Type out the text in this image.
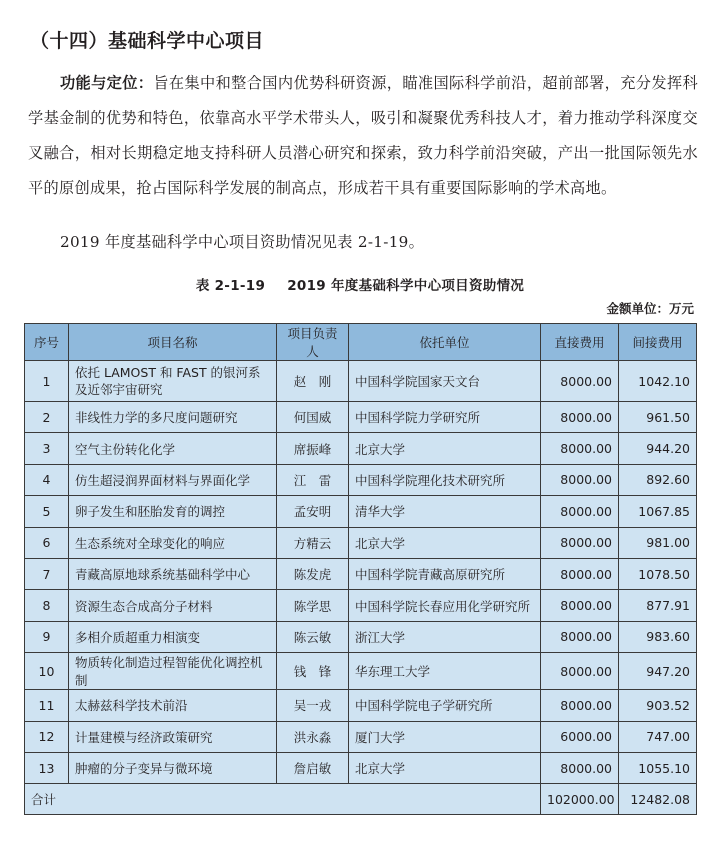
（十四）基础科学中心项目
功能与定位：旨在集中和整合国内优势科研资源，瞄准国际科学前沿，超前部署，充分发挥科学基金制的优势和特色，依靠高水平学术带头人，吸引和凝聚优秀科技人才，着力推动学科深度交叉融合，相对长期稳定地支持科研人员潜心研究和探索，致力科学前沿突破，产出一批国际领先水平的原创成果，抢占国际科学发展的制高点，形成若干具有重要国际影响的学术高地。
2019 年度基础科学中心项目资助情况见表 2-1-19。
表 2-1-19 2019 年度基础科学中心项目资助情况
金额单位：万元
序号	项目名称	项目负责人	依托单位	直接费用	间接费用
1	依托 LAMOST 和 FAST 的银河系及近邻宇宙研究	赵　刚	中国科学院国家天文台	8000.00	1042.10
2	非线性力学的多尺度问题研究	何国威	中国科学院力学研究所	8000.00	961.50
3	空气主份转化化学	席振峰	北京大学	8000.00	944.20
4	仿生超浸润界面材料与界面化学	江　雷	中国科学院理化技术研究所	8000.00	892.60
5	卵子发生和胚胎发育的调控	孟安明	清华大学	8000.00	1067.85
6	生态系统对全球变化的响应	方精云	北京大学	8000.00	981.00
7	青藏高原地球系统基础科学中心	陈发虎	中国科学院青藏高原研究所	8000.00	1078.50
8	资源生态合成高分子材料	陈学思	中国科学院长春应用化学研究所	8000.00	877.91
9	多相介质超重力相演变	陈云敏	浙江大学	8000.00	983.60
10	物质转化制造过程智能优化调控机制	钱　锋	华东理工大学	8000.00	947.20
11	太赫兹科学技术前沿	吴一戎	中国科学院电子学研究所	8000.00	903.52
12	计量建模与经济政策研究	洪永淼	厦门大学	6000.00	747.00
13	肿瘤的分子变异与微环境	詹启敏	北京大学	8000.00	1055.10
合计				102000.00	12482.08
